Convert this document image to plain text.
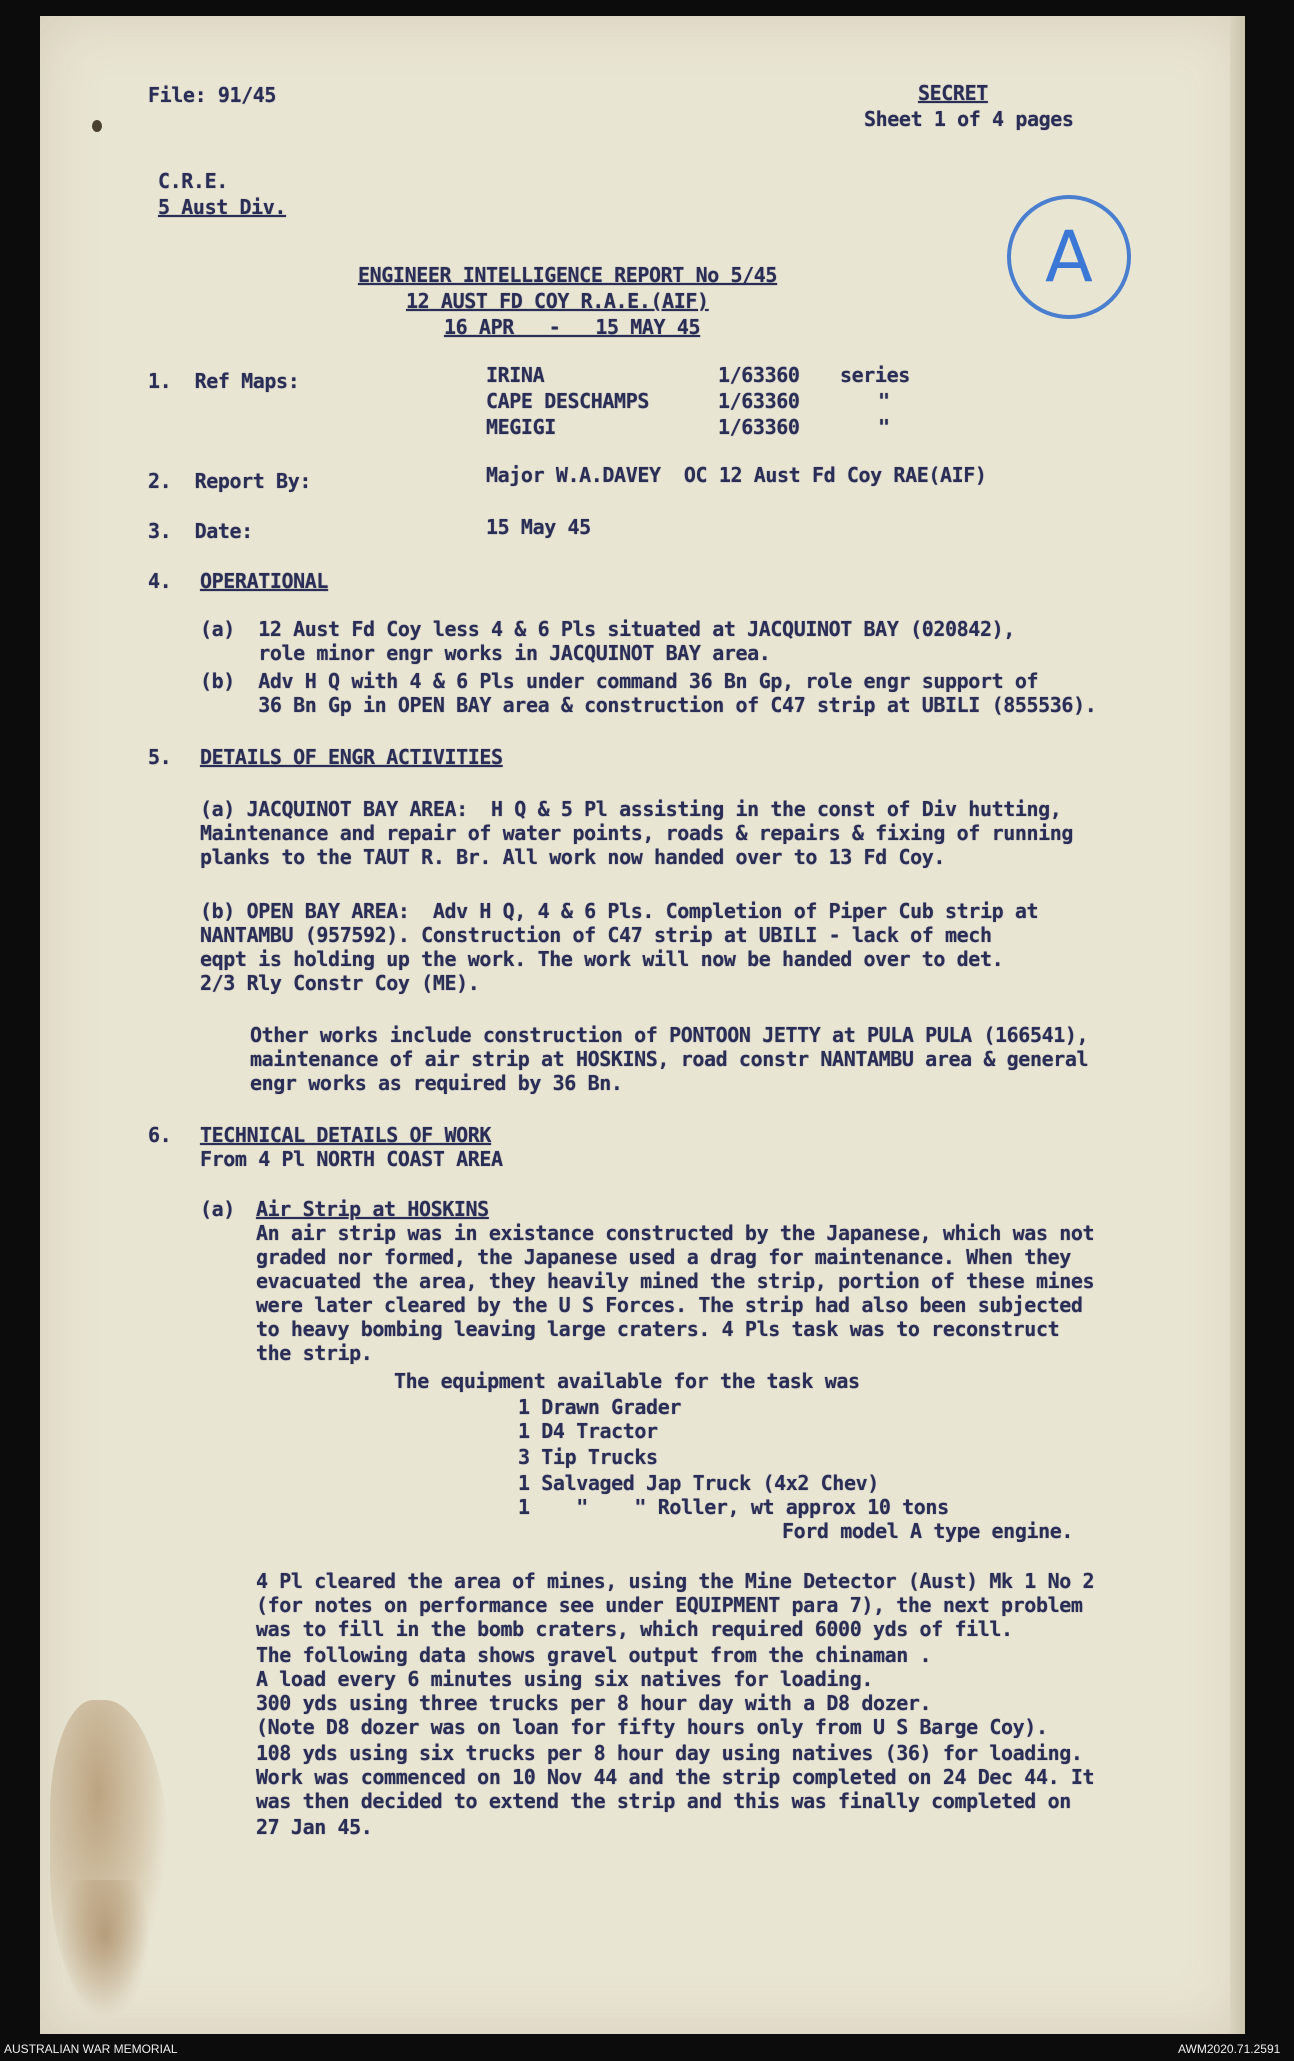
File: 91/45	SECRET

Sheet 1 of 4 pages

C.R.E.

5 Aust Div.

A

ENGINEER INTELLIGENCE REPORT No 5/45

12 AUST FD COY R.A.E.(AIF)

16 APR   -   15 MAY 45

1.  Ref Maps:	IRINA	1/63360 series

CAPE DESCHAMPS	1/63360	"

MEGIGI	1/63360	"

2.  Report By:	Major W.A.DAVEY  OC 12 Aust Fd Coy RAE(AIF)

3.  Date:	15 May 45

4. OPERATIONAL

(a)  12 Aust Fd Coy less 4 & 6 Pls situated at JACQUINOT BAY (020842),

role minor engr works in JACQUINOT BAY area.

(b)  Adv H Q with 4 & 6 Pls under command 36 Bn Gp, role engr support of

36 Bn Gp in OPEN BAY area & construction of C47 strip at UBILI (855536).

5. DETAILS OF ENGR ACTIVITIES

(a) JACQUINOT BAY AREA:  H Q & 5 Pl assisting in the const of Div hutting,

Maintenance and repair of water points, roads & repairs & fixing of running

planks to the TAUT R. Br. All work now handed over to 13 Fd Coy.

(b) OPEN BAY AREA:  Adv H Q, 4 & 6 Pls. Completion of Piper Cub strip at

NANTAMBU (957592). Construction of C47 strip at UBILI - lack of mech

eqpt is holding up the work. The work will now be handed over to det.

2/3 Rly Constr Coy (ME).

Other works include construction of PONTOON JETTY at PULA PULA (166541),

maintenance of air strip at HOSKINS, road constr NANTAMBU area & general

engr works as required by 36 Bn.

6. TECHNICAL DETAILS OF WORK

From 4 Pl NORTH COAST AREA

(a) Air Strip at HOSKINS

An air strip was in existance constructed by the Japanese, which was not

graded nor formed, the Japanese used a drag for maintenance. When they

evacuated the area, they heavily mined the strip, portion of these mines

were later cleared by the U S Forces. The strip had also been subjected

to heavy bombing leaving large craters. 4 Pls task was to reconstruct

the strip.

The equipment available for the task was

1 Drawn Grader

1 D4 Tractor

3 Tip Trucks

1 Salvaged Jap Truck (4x2 Chev)

1    "    " Roller, wt approx 10 tons

Ford model A type engine.

4 Pl cleared the area of mines, using the Mine Detector (Aust) Mk 1 No 2

(for notes on performance see under EQUIPMENT para 7), the next problem

was to fill in the bomb craters, which required 6000 yds of fill.

The following data shows gravel output from the chinaman .

A load every 6 minutes using six natives for loading.

300 yds using three trucks per 8 hour day with a D8 dozer.

(Note D8 dozer was on loan for fifty hours only from U S Barge Coy).

108 yds using six trucks per 8 hour day using natives (36) for loading.

Work was commenced on 10 Nov 44 and the strip completed on 24 Dec 44. It

was then decided to extend the strip and this was finally completed on

27 Jan 45.

AUSTRALIAN WAR MEMORIAL	AWM2020.71.2591
